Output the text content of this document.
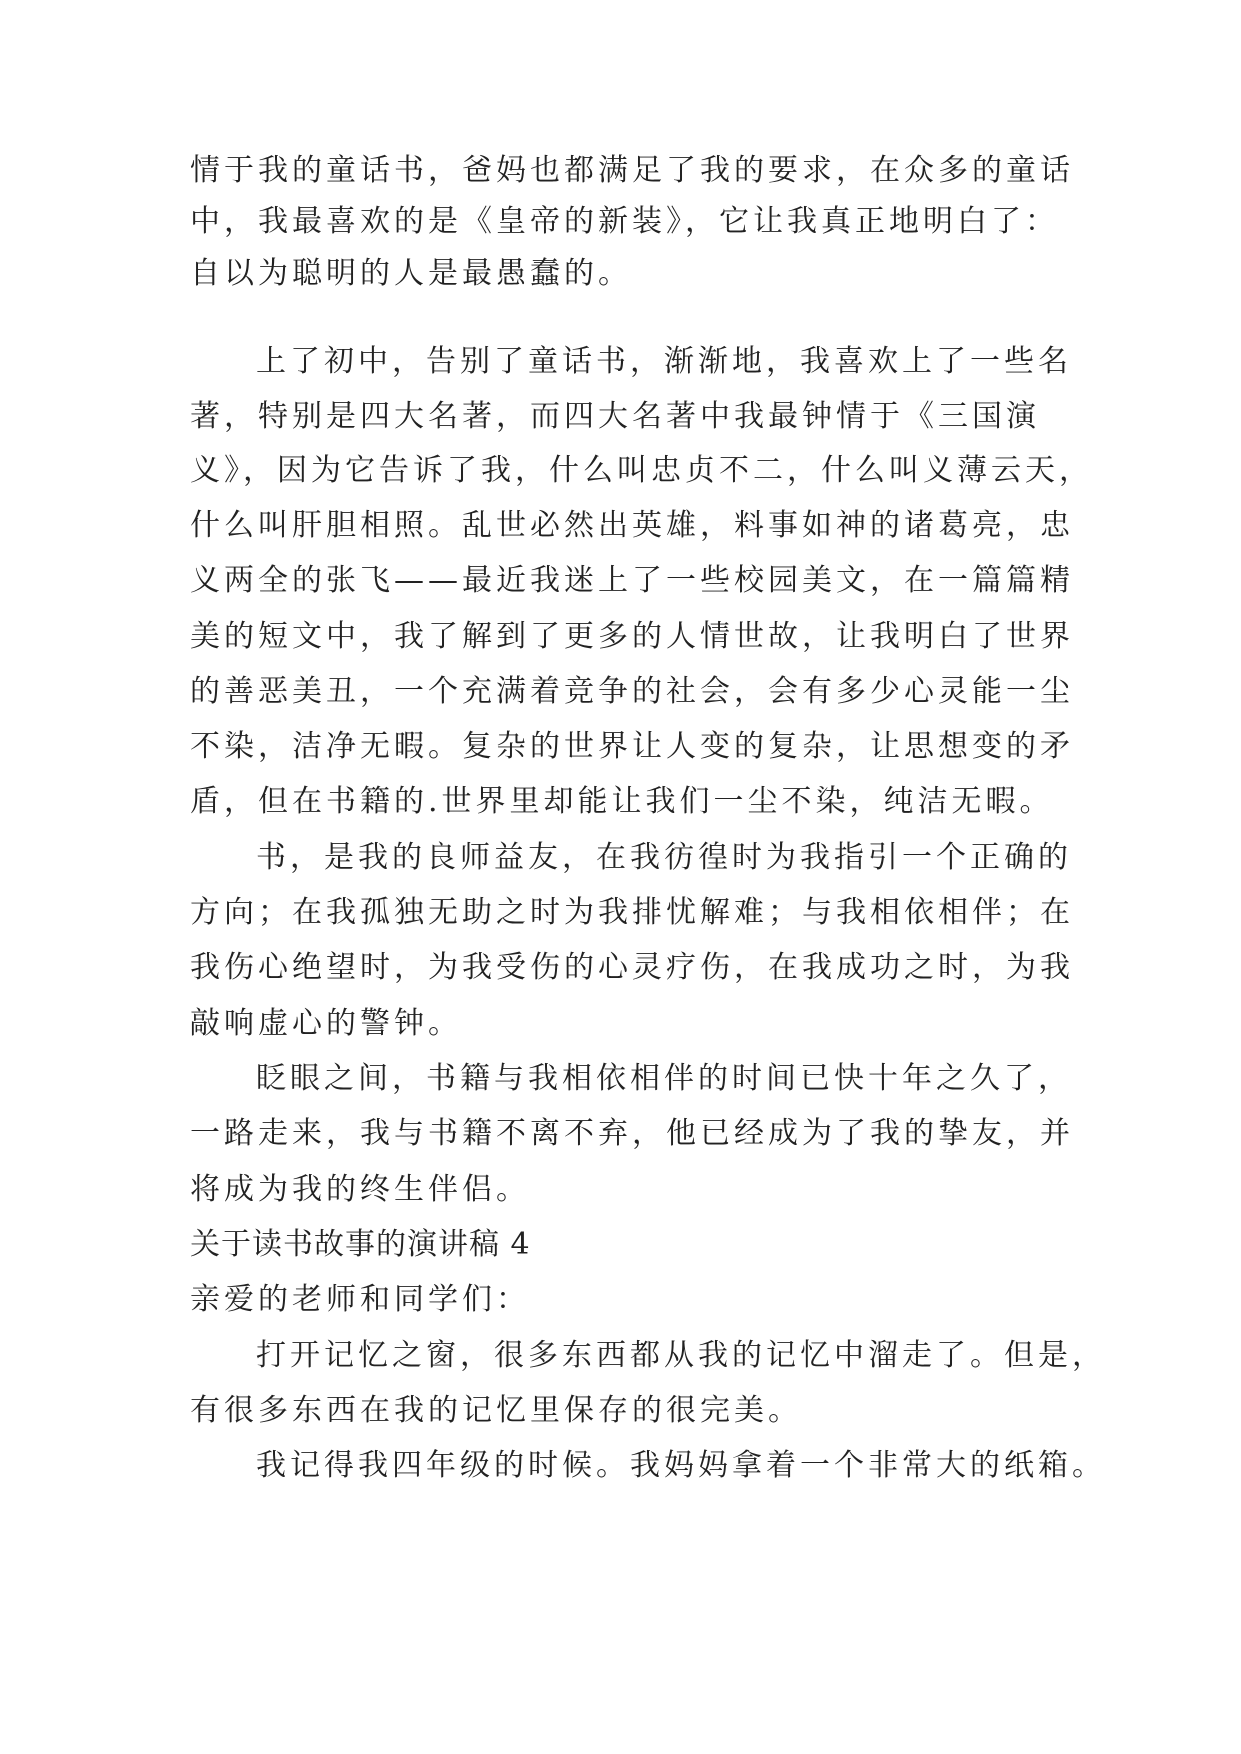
情于我的童话书，爸妈也都满足了我的要求，在众多的童话
中，我最喜欢的是《皇帝的新装》，它让我真正地明白了：
自以为聪明的人是最愚蠢的。
上了初中，告别了童话书，渐渐地，我喜欢上了一些名
著，特别是四大名著，而四大名著中我最钟情于《三国演
义》，因为它告诉了我，什么叫忠贞不二，什么叫义薄云天，
什么叫肝胆相照。乱世必然出英雄，料事如神的诸葛亮，忠
义两全的张飞——最近我迷上了一些校园美文，在一篇篇精
美的短文中，我了解到了更多的人情世故，让我明白了世界
的善恶美丑，一个充满着竞争的社会，会有多少心灵能一尘
不染，洁净无暇。复杂的世界让人变的复杂，让思想变的矛
盾，但在书籍的.世界里却能让我们一尘不染，纯洁无暇。
书，是我的良师益友，在我彷徨时为我指引一个正确的
方向；在我孤独无助之时为我排忧解难；与我相依相伴；在
我伤心绝望时，为我受伤的心灵疗伤，在我成功之时，为我
敲响虚心的警钟。
眨眼之间，书籍与我相依相伴的时间已快十年之久了，
一路走来，我与书籍不离不弃，他已经成为了我的挚友，并
将成为我的终生伴侣。
关于读书故事的演讲稿 4
亲爱的老师和同学们：
打开记忆之窗，很多东西都从我的记忆中溜走了。但是，
有很多东西在我的记忆里保存的很完美。
我记得我四年级的时候。我妈妈拿着一个非常大的纸箱。
